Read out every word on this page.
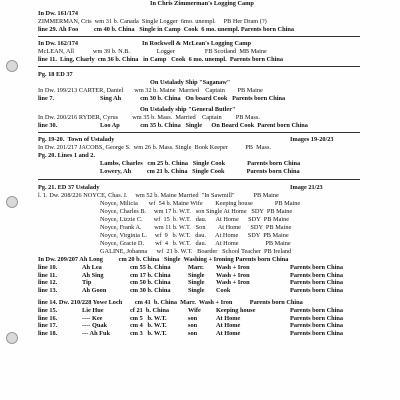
In Chris Zimmerman's Logging Camp
In Dw. 161/174
ZIMMERMAN, Cris  wm 31 b. Canada  Single Logger  6mo. unempl.     PB Her Dram (?)
line 29. Ah Foo          cm 40 b. China   Single in Camp  Cook  6 mo. unempl. Parents born China
In Dw. 162/174	In Rockwell & McLean's Logging Camp
McLEAN, All            wm 39 b. N.B.                 Logger                   FB Scotland  MB Maine
line 11.  Ling, Charly  cm 36 b. China   in Camp   Cook  6 mo. unempl.  Parents born China
Pg. 18 ED 37
On Ustalady Ship "Saganaw"
In Dw. 199/213 CARTER, Daniel       wm 32 b. Maine  Married    Captain        PB Maine
line 7.	Sing Ah            cm 30 b. China   On board Cook   Parents born China
On Ustalady ship "General Butler"
In Dw. 200/216 RYDER, Cyrus         wm 35 b. Mass.  Married    Captain         PB Mass.
line 30.	Loo Ap             cm 35 b. China   Single      On Board Cook  Parent born China
Pg. 19-20.  Town of Ustalady	Images 19-20/23
In Dw. 201/217 JACOBS, George S.  wm 26 b. Mass. Single  Book Keeper           PB  Mass.
Pg. 20. Lines 1 and 2.
Lambs, Charles   cm 25 b. China   Single Cook              Parents born China
Lowery, Ah          cm 21 b. China   Single Cook              Parents born China
Pg. 21. ED 37 Ustalady	Image 21/23
l. 1. Dw. 208/226 NOYCE, Chas. I.     wm 52 b. Maine Married  "In Sawmill"            PB Maine
Noyce, Milicia       wf  54 b. Maine Wife        Keeping house              PB Maine
Noyce, Charles B.     wm 17 b. W.T.   son Single At Home   SDY  PB Maine
Noyce, Lizzie C.       wf  15  b. W.T.   dau.      At Home      SDY  PB Maine
Noyce, Frank A.        wm 11 b. W.T.   Son        At Home      SDY  PB Maine
Noyce, Virginia L.     wf  9   b. W.T.   dau.      At Home      SDY  PB Maine
Noyce, Gracie D.       wf  4   b. W.T.   dau.      At Home                 PB Maine
GALINE, Johanna      wf  21 b. W.T.   Boarder   School Teacher  PB Ireland
In Dw. 209/207 Ah Long          cm 20 b. China   Single  Washing + Ironing Parents born China
line 10.	Ah Lea	cm 55 b. China	Marr. Wash + Iron	Parents born China
line 11.	Ah Sing	cm 17 b. China	Single Wash + Iron	Parents born China
line 12.	Tip	cm 50 b. China	Single Wash + Iron	Parents born China
line 13.	Ah Goon	cm 30 b. China	Single Cook	Parents born China
line 14. Dw. 210/228 Yowe Loch        cm 41  b. China  Marr.  Wash + Iron           Parents born China
line 15.	Lie Hue	cf 21  b. China	Wife Keeping house	Parents born China
line 16.	---- Kee	cm 5   b. W.T.	son	At Home	Parents born China
line 17.	---- Quak	cm 4   b. W.T.	son	At Home	Parents born China
line 18.	--- Ah Fuk	cm 3   b. W.T.	son	At Home	Parents born China
